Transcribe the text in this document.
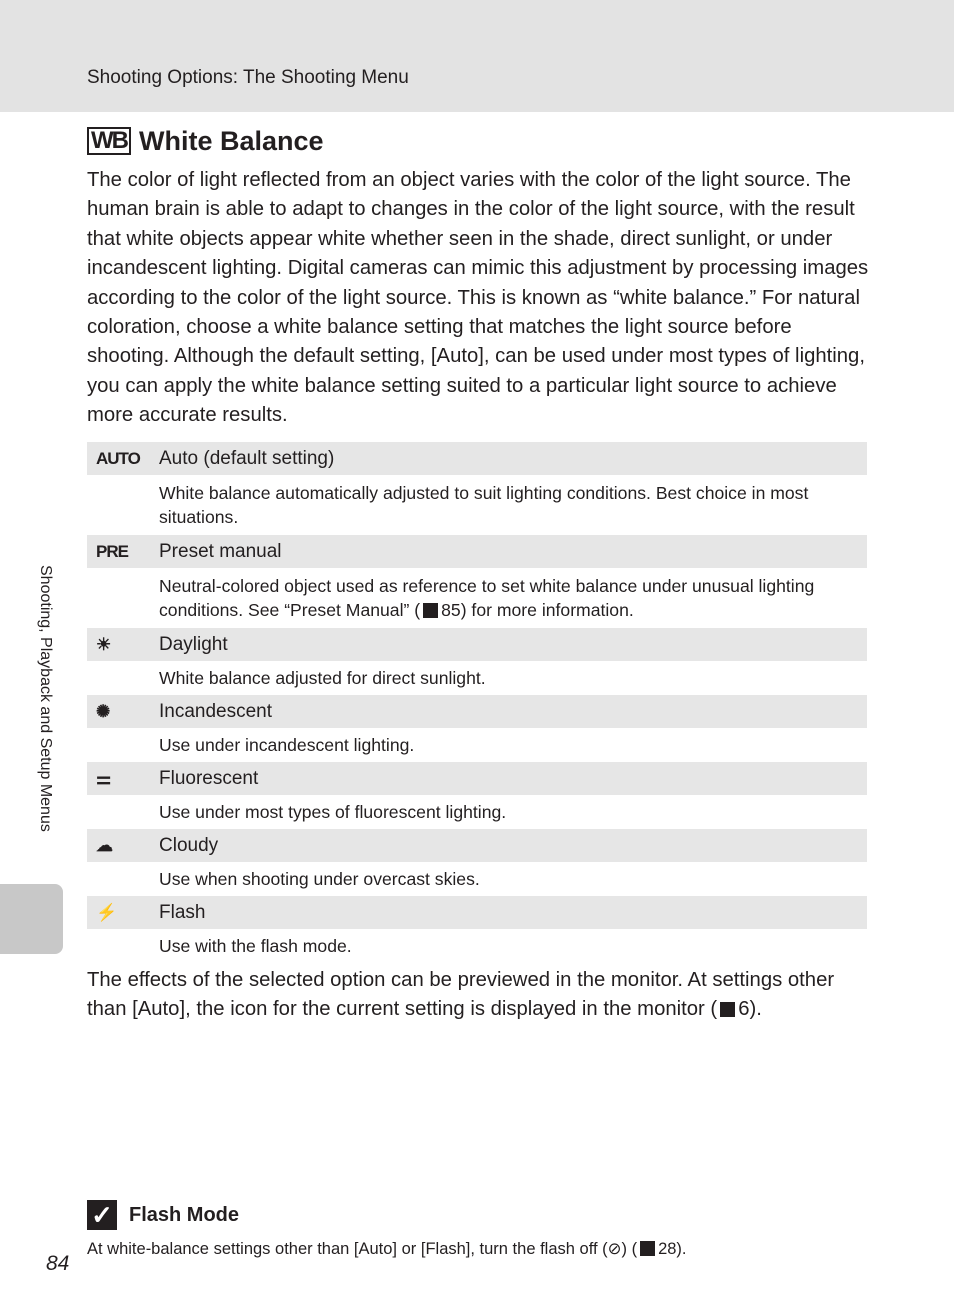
Shooting Options: The Shooting Menu
WB White Balance

The color of light reflected from an object varies with the color of the light source. The human brain is able to adapt to changes in the color of the light source, with the result that white objects appear white whether seen in the shade, direct sunlight, or under incandescent lighting. Digital cameras can mimic this adjustment by processing images according to the color of the light source. This is known as “white balance.” For natural coloration, choose a white balance setting that matches the light source before shooting. Although the default setting, [Auto], can be used under most types of lighting, you can apply the white balance setting suited to a particular light source to achieve more accurate results.

AUTO	Auto (default setting)
White balance automatically adjusted to suit lighting conditions. Best choice in most situations.
PRE	Preset manual
Neutral-colored object used as reference to set white balance under unusual lighting conditions. See “Preset Manual” ( 85) for more information.
☀	Daylight
White balance adjusted for direct sunlight.
✺	Incandescent
Use under incandescent lighting.
⚌	Fluorescent
Use under most types of fluorescent lighting.
☁	Cloudy
Use when shooting under overcast skies.
⚡	Flash
Use with the flash mode.

The effects of the selected option can be previewed in the monitor. At settings other than [Auto], the icon for the current setting is displayed in the monitor ( 6).

Shooting, Playback and Setup Menus
✓ Flash Mode
At white-balance settings other than [Auto] or [Flash], turn the flash off (⊘) ( 28).
84
